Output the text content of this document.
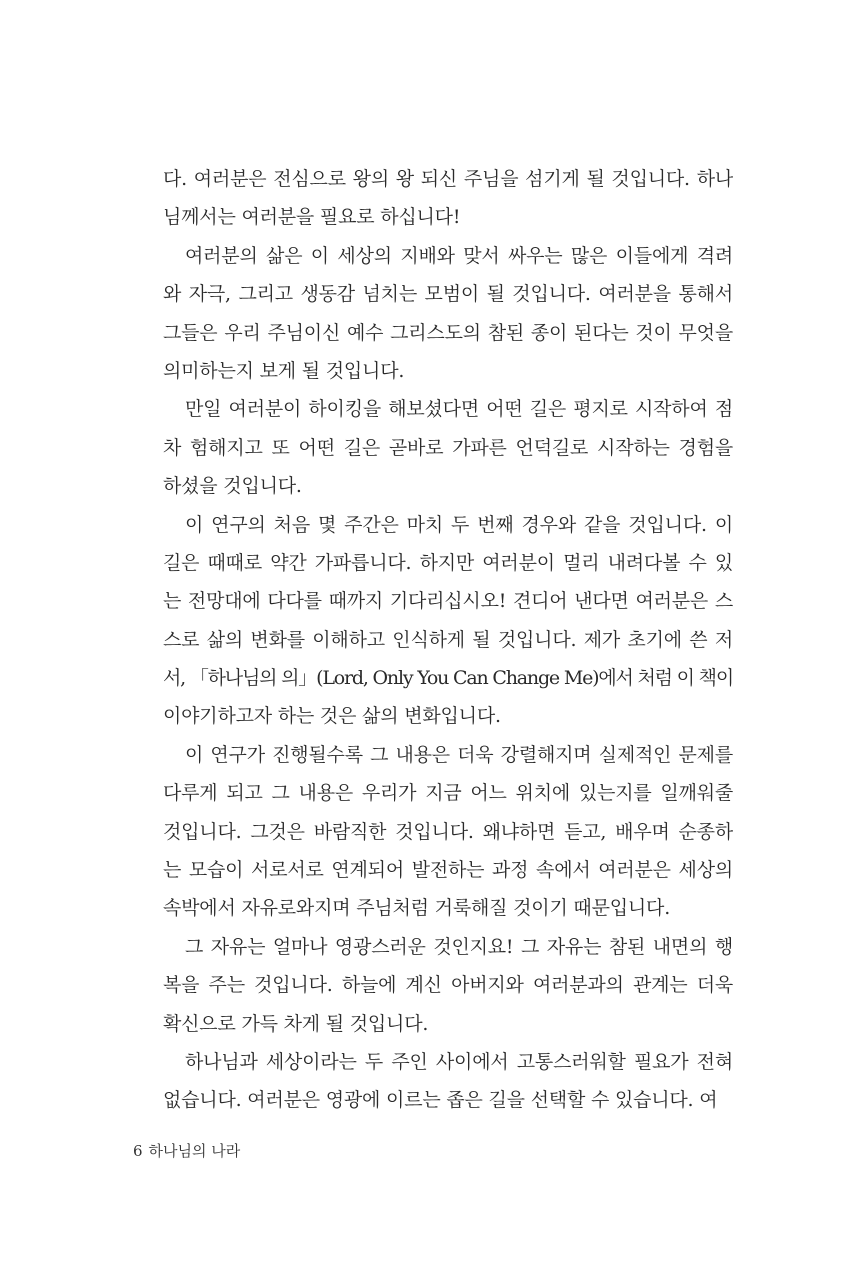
다. 여러분은 전심으로 왕의 왕 되신 주님을 섬기게 될 것입니다. 하나
님께서는 여러분을 필요로 하십니다!
여러분의 삶은 이 세상의 지배와 맞서 싸우는 많은 이들에게 격려
와 자극, 그리고 생동감 넘치는 모범이 될 것입니다. 여러분을 통해서
그들은 우리 주님이신 예수 그리스도의 참된 종이 된다는 것이 무엇을
의미하는지 보게 될 것입니다.
만일 여러분이 하이킹을 해보셨다면 어떤 길은 평지로 시작하여 점
차 험해지고 또 어떤 길은 곧바로 가파른 언덕길로 시작하는 경험을
하셨을 것입니다.
이 연구의 처음 몇 주간은 마치 두 번째 경우와 같을 것입니다. 이
길은 때때로 약간 가파릅니다. 하지만 여러분이 멀리 내려다볼 수 있
는 전망대에 다다를 때까지 기다리십시오! 견디어 낸다면 여러분은 스
스로 삶의 변화를 이해하고 인식하게 될 것입니다. 제가 초기에 쓴 저
서, 「하나님의 의」(Lord, Only You Can Change Me)에서 처럼 이 책이
이야기하고자 하는 것은 삶의 변화입니다.
이 연구가 진행될수록 그 내용은 더욱 강렬해지며 실제적인 문제를
다루게 되고 그 내용은 우리가 지금 어느 위치에 있는지를 일깨워줄
것입니다. 그것은 바람직한 것입니다. 왜냐하면 듣고, 배우며 순종하
는 모습이 서로서로 연계되어 발전하는 과정 속에서 여러분은 세상의
속박에서 자유로와지며 주님처럼 거룩해질 것이기 때문입니다.
그 자유는 얼마나 영광스러운 것인지요! 그 자유는 참된 내면의 행
복을 주는 것입니다. 하늘에 계신 아버지와 여러분과의 관계는 더욱
확신으로 가득 차게 될 것입니다.
하나님과 세상이라는 두 주인 사이에서 고통스러워할 필요가 전혀
없습니다. 여러분은 영광에 이르는 좁은 길을 선택할 수 있습니다. 여
6 하나님의 나라
